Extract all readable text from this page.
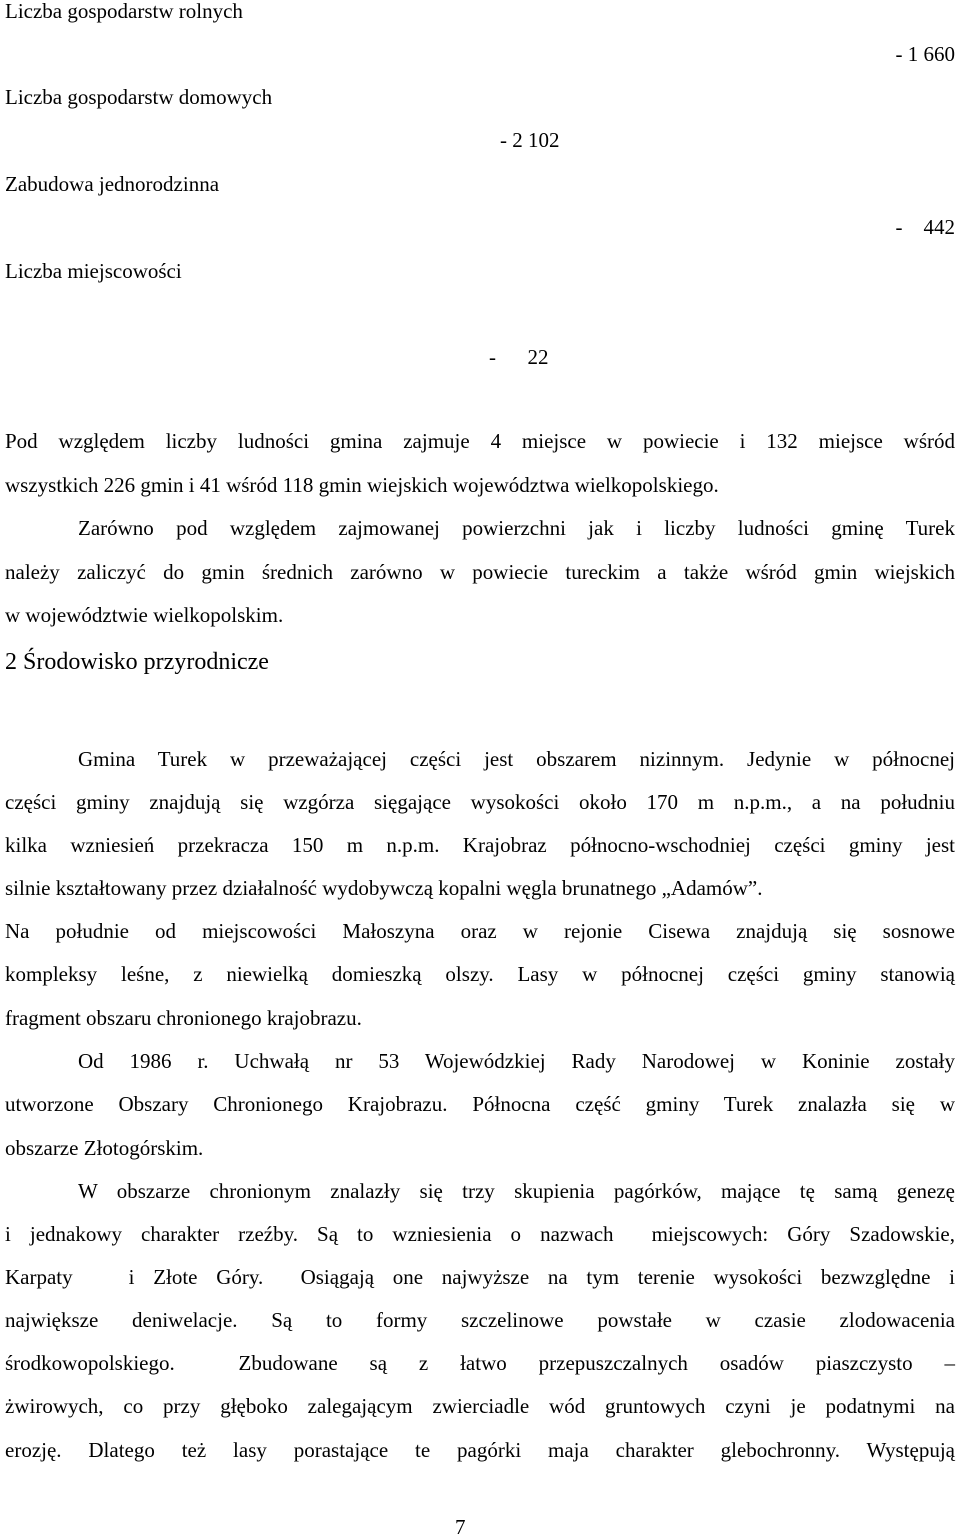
Liczba gospodarstw rolnych
- 1 660
Liczba gospodarstw domowych
- 2 102
Zabudowa jednorodzinna
-    442
Liczba miejscowości
-      22
Pod względem liczby ludności gmina zajmuje 4 miejsce w powiecie i 132 miejsce wśród
wszystkich 226 gmin i 41 wśród 118 gmin wiejskich województwa wielkopolskiego.
Zarówno pod względem zajmowanej powierzchni jak i liczby ludności gminę Turek
należy zaliczyć do gmin średnich zarówno w powiecie tureckim a także wśród gmin wiejskich
w województwie wielkopolskim.
2 Środowisko przyrodnicze
Gmina Turek w przeważającej części jest obszarem nizinnym. Jedynie w północnej
części gminy znajdują się wzgórza sięgające wysokości około 170 m n.p.m., a na południu
kilka wzniesień przekracza 150 m n.p.m. Krajobraz północno-wschodniej części gminy jest
silnie kształtowany przez działalność wydobywczą kopalni węgla brunatnego „Adamów”.
Na południe od miejscowości Małoszyna oraz w rejonie Cisewa znajdują się sosnowe
kompleksy leśne, z niewielką domieszką olszy. Lasy w północnej części gminy stanowią
fragment obszaru chronionego krajobrazu.
Od 1986 r. Uchwałą nr 53 Wojewódzkiej Rady Narodowej w Koninie zostały
utworzone Obszary Chronionego Krajobrazu. Północna część gminy Turek znalazła się w
obszarze Złotogórskim.
W obszarze chronionym znalazły się trzy skupienia pagórków, mające tę samą genezę
i jednakowy charakter rzeźby. Są to wzniesienia o nazwach  miejscowych: Góry Szadowskie,
Karpaty   i Złote Góry.  Osiągają one najwyższe na tym terenie wysokości bezwzględne i
największe deniwelacje. Są to formy szczelinowe powstałe w czasie zlodowacenia
środkowopolskiego.  Zbudowane są z łatwo przepuszczalnych osadów piaszczysto –
żwirowych, co przy głęboko zalegającym zwierciadle wód gruntowych czyni je podatnymi na
erozję. Dlatego też lasy porastające te pagórki maja charakter glebochronny. Występują
7
